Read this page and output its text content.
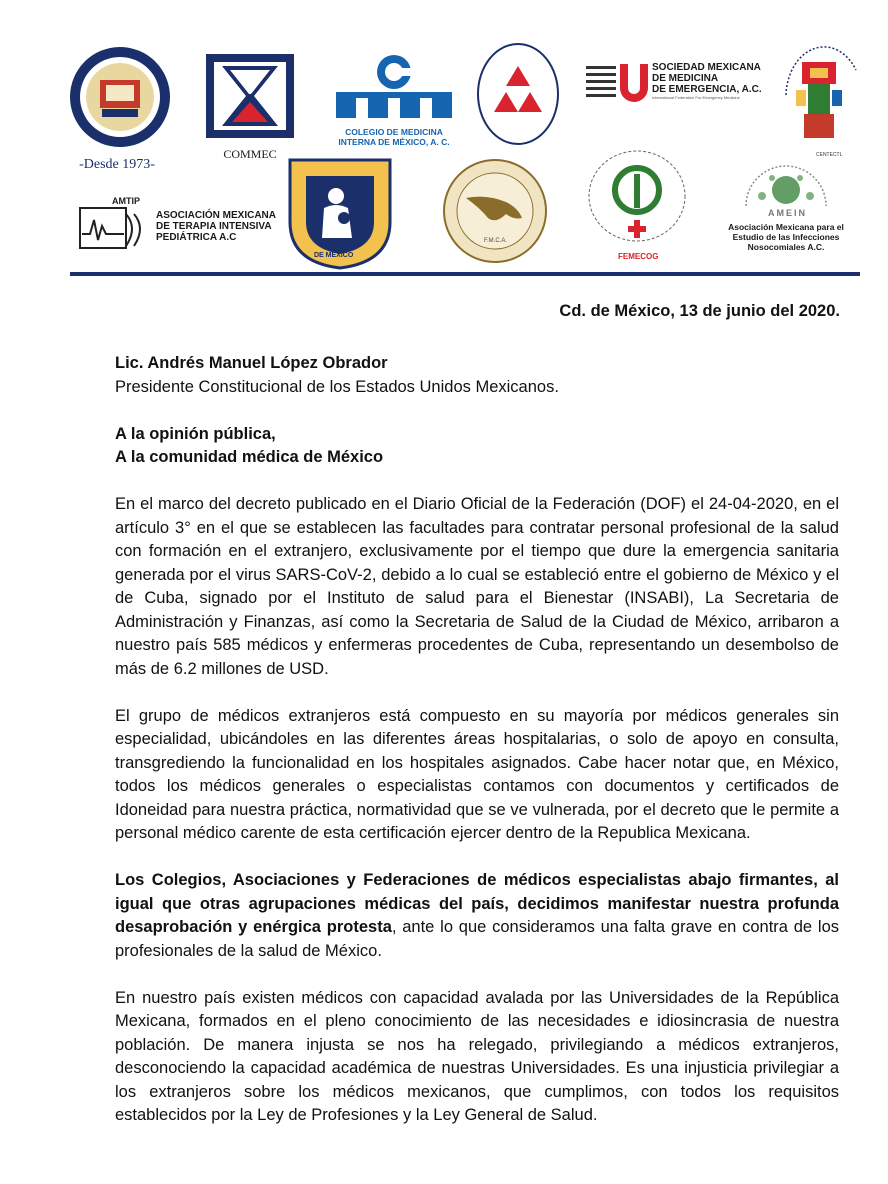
-Desde 1973-
COMMEC
COLEGIO DE MEDICINA
INTERNA DE MÉXICO, A. C.
SOCIEDAD MEXICANA
DE MEDICINA
DE EMERGENCIA, A.C.
International Federation For Emergency Medicine
CENTECTL
AMTIP
ASOCIACIÓN MEXICANA
DE TERAPIA INTENSIVA
PEDIÁTRICA A.C
DE MEXICO
F.M.C.A.
FEMECOG
AMEIN
Asociación Mexicana para el
Estudio de las Infecciones
Nosocomiales A.C.
Cd. de México, 13 de junio del 2020.
Lic. Andrés Manuel López Obrador
Presidente Constitucional de los Estados Unidos Mexicanos.
A la opinión pública,
A la comunidad médica de México

En el marco del decreto publicado en el Diario Oficial de la Federación (DOF) el 24-04-2020, en el artículo 3° en el que se establecen las facultades para contratar personal profesional de la salud con formación en el extranjero, exclusivamente por el tiempo que dure la emergencia sanitaria generada por el virus SARS-CoV-2, debido a lo cual se estableció entre el gobierno de México y el de Cuba, signado por el Instituto de salud para el Bienestar (INSABI), La Secretaria de Administración y Finanzas, así como la Secretaria de Salud de la Ciudad de México, arribaron a nuestro país 585 médicos y enfermeras procedentes de Cuba, representando un desembolso de más de 6.2 millones de USD.

El grupo de médicos extranjeros está compuesto en su mayoría por médicos generales sin especialidad, ubicándoles en las diferentes áreas hospitalarias, o solo de apoyo en consulta, transgrediendo la funcionalidad en los hospitales asignados. Cabe hacer notar que, en México, todos los médicos generales o especialistas contamos con documentos y certificados de Idoneidad para nuestra práctica, normatividad que se ve vulnerada, por el decreto que le permite a personal médico carente de esta certificación ejercer dentro de la Republica Mexicana.

Los Colegios, Asociaciones y Federaciones de médicos especialistas abajo firmantes, al igual que otras agrupaciones médicas del país, decidimos manifestar nuestra profunda desaprobación y enérgica protesta, ante lo que consideramos una falta grave en contra de los profesionales de la salud de México.

En nuestro país existen médicos con capacidad avalada por las Universidades de la República Mexicana, formados en el pleno conocimiento de las necesidades e idiosincrasia de nuestra población. De manera injusta se nos ha relegado, privilegiando a médicos extranjeros, desconociendo la capacidad académica de nuestras Universidades. Es una injusticia privilegiar a los extranjeros sobre los médicos mexicanos, que cumplimos, con todos los requisitos establecidos por la Ley de Profesiones y la Ley General de Salud.
